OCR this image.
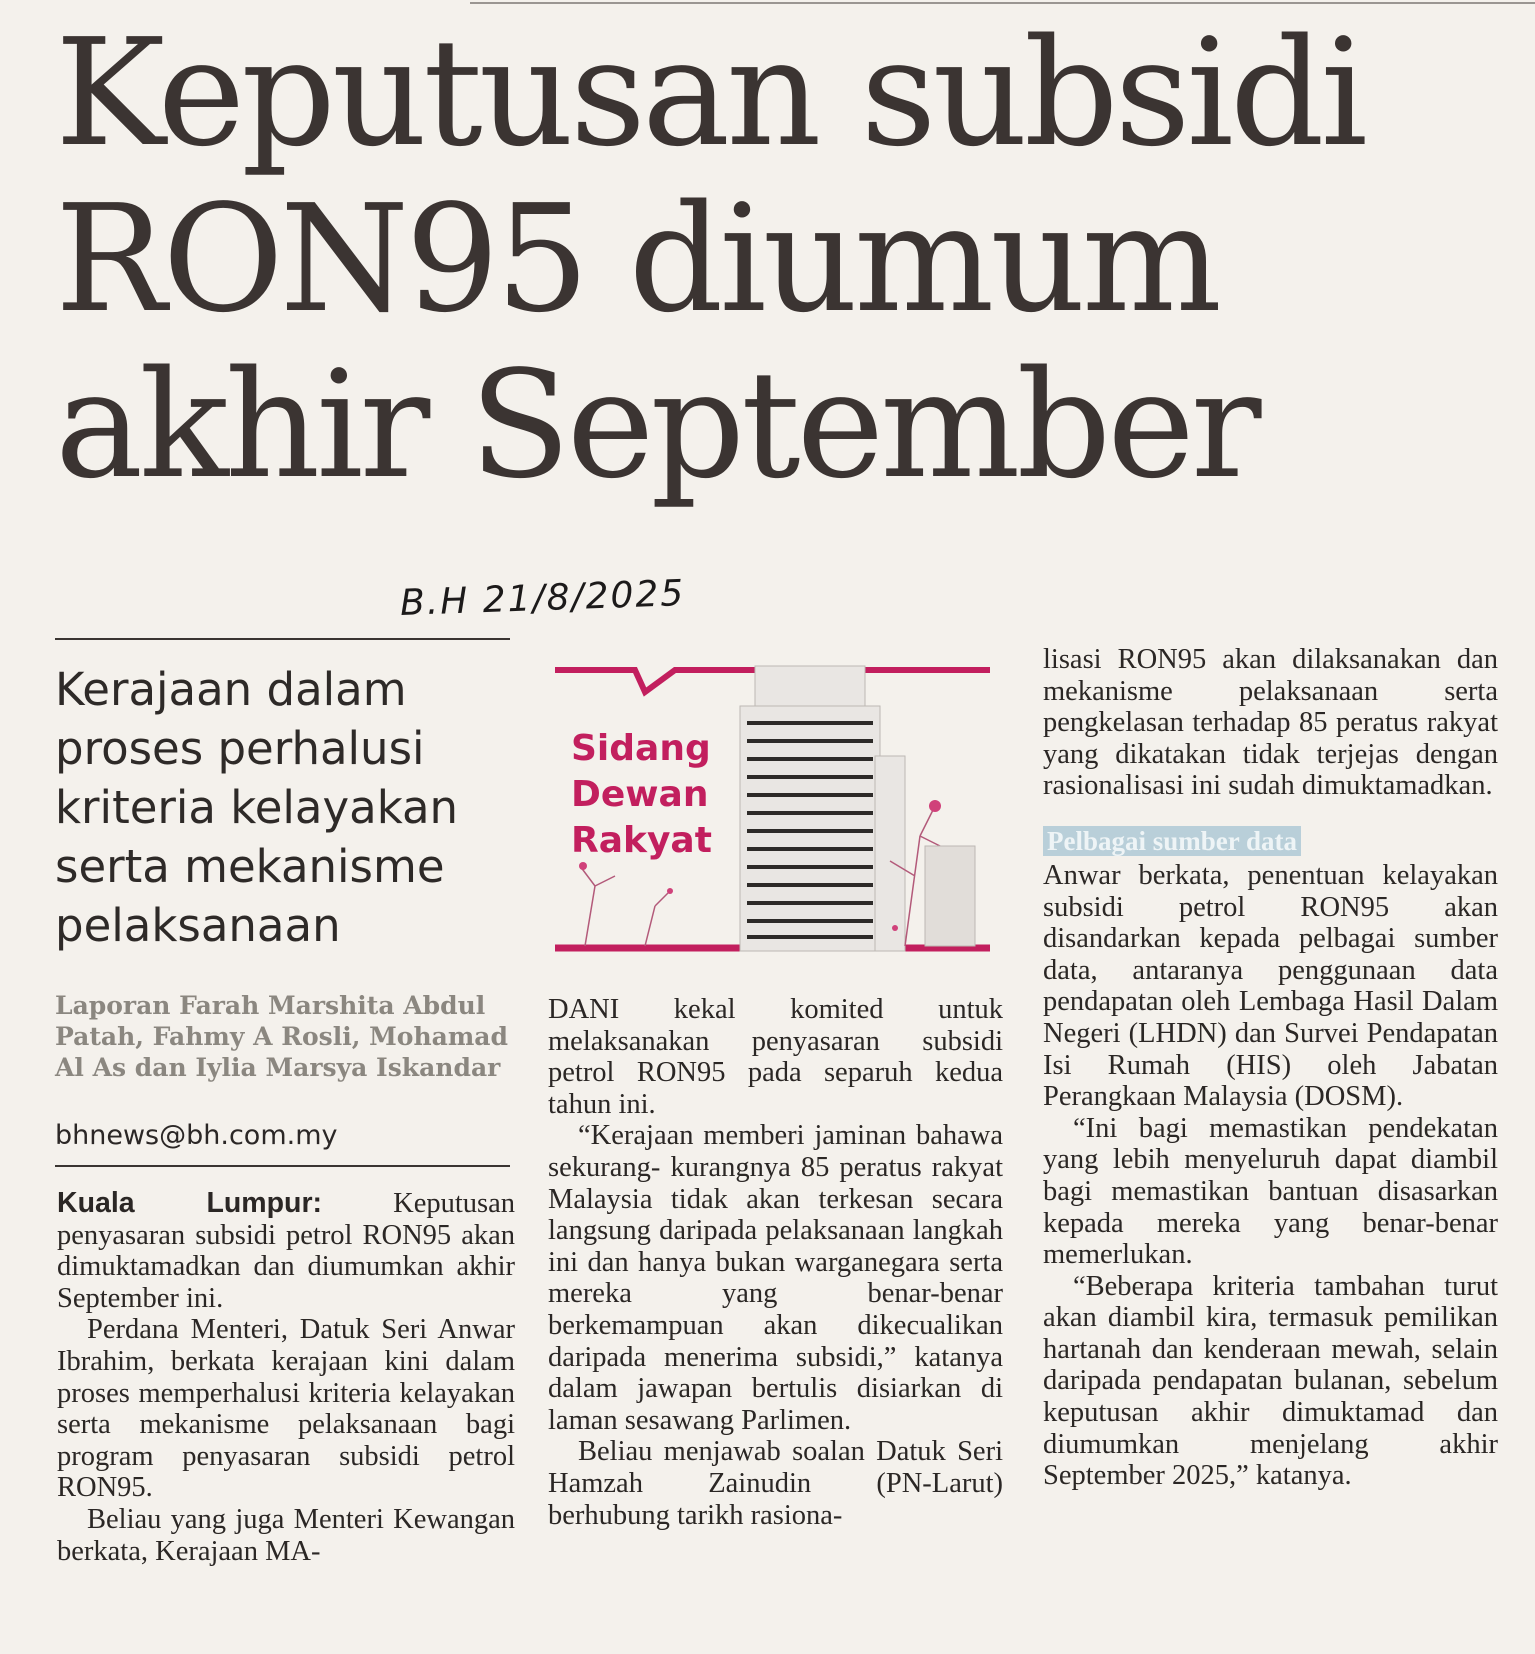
Keputusan subsidi
RON95 diumum
akhir September
B.H 21/8/2025
Kerajaan dalam proses perhalusi kriteria kelayakan serta mekanisme pelaksanaan
Laporan Farah Marshita Abdul Patah, Fahmy A Rosli, Mohamad Al As dan Iylia Marsya Iskandar
bhnews@bh.com.my
Sidang
Dewan
Rakyat

Kuala Lumpur: Keputusan penyasaran subsidi petrol RON95 akan dimuktamadkan dan diumumkan akhir September ini.

Perdana Menteri, Datuk Seri Anwar Ibrahim, berkata kerajaan kini dalam proses memperhalusi kriteria kelayakan serta mekanisme pelaksanaan bagi program penyasaran subsidi petrol RON95.

Beliau yang juga Menteri Kewangan berkata, Kerajaan MA-

DANI kekal komited untuk melaksanakan penyasaran subsidi petrol RON95 pada separuh kedua tahun ini.

“Kerajaan memberi jaminan bahawa sekurang- kurangnya 85 peratus rakyat Malaysia tidak akan terkesan secara langsung daripada pelaksanaan langkah ini dan hanya bukan warganegara serta mereka yang benar-benar berkemampuan akan dikecualikan daripada menerima subsidi,” katanya dalam jawapan bertulis disiarkan di laman sesawang Parlimen.

Beliau menjawab soalan Datuk Seri Hamzah Zainudin (PN-Larut) berhubung tarikh rasiona-

lisasi RON95 akan dilaksanakan dan mekanisme pelaksanaan serta pengkelasan terhadap 85 peratus rakyat yang dikatakan tidak terjejas dengan rasionalisasi ini sudah dimuktamadkan.

Pelbagai sumber data

Anwar berkata, penentuan kelayakan subsidi petrol RON95 akan disandarkan kepada pelbagai sumber data, antaranya penggunaan data pendapatan oleh Lembaga Hasil Dalam Negeri (LHDN) dan Survei Pendapatan Isi Rumah (HIS) oleh Jabatan Perangkaan Malaysia (DOSM).

“Ini bagi memastikan pendekatan yang lebih menyeluruh dapat diambil bagi memastikan bantuan disasarkan kepada mereka yang benar-benar memerlukan.

“Beberapa kriteria tambahan turut akan diambil kira, termasuk pemilikan hartanah dan kenderaan mewah, selain daripada pendapatan bulanan, sebelum keputusan akhir dimuktamad dan diumumkan menjelang akhir September 2025,” katanya.
